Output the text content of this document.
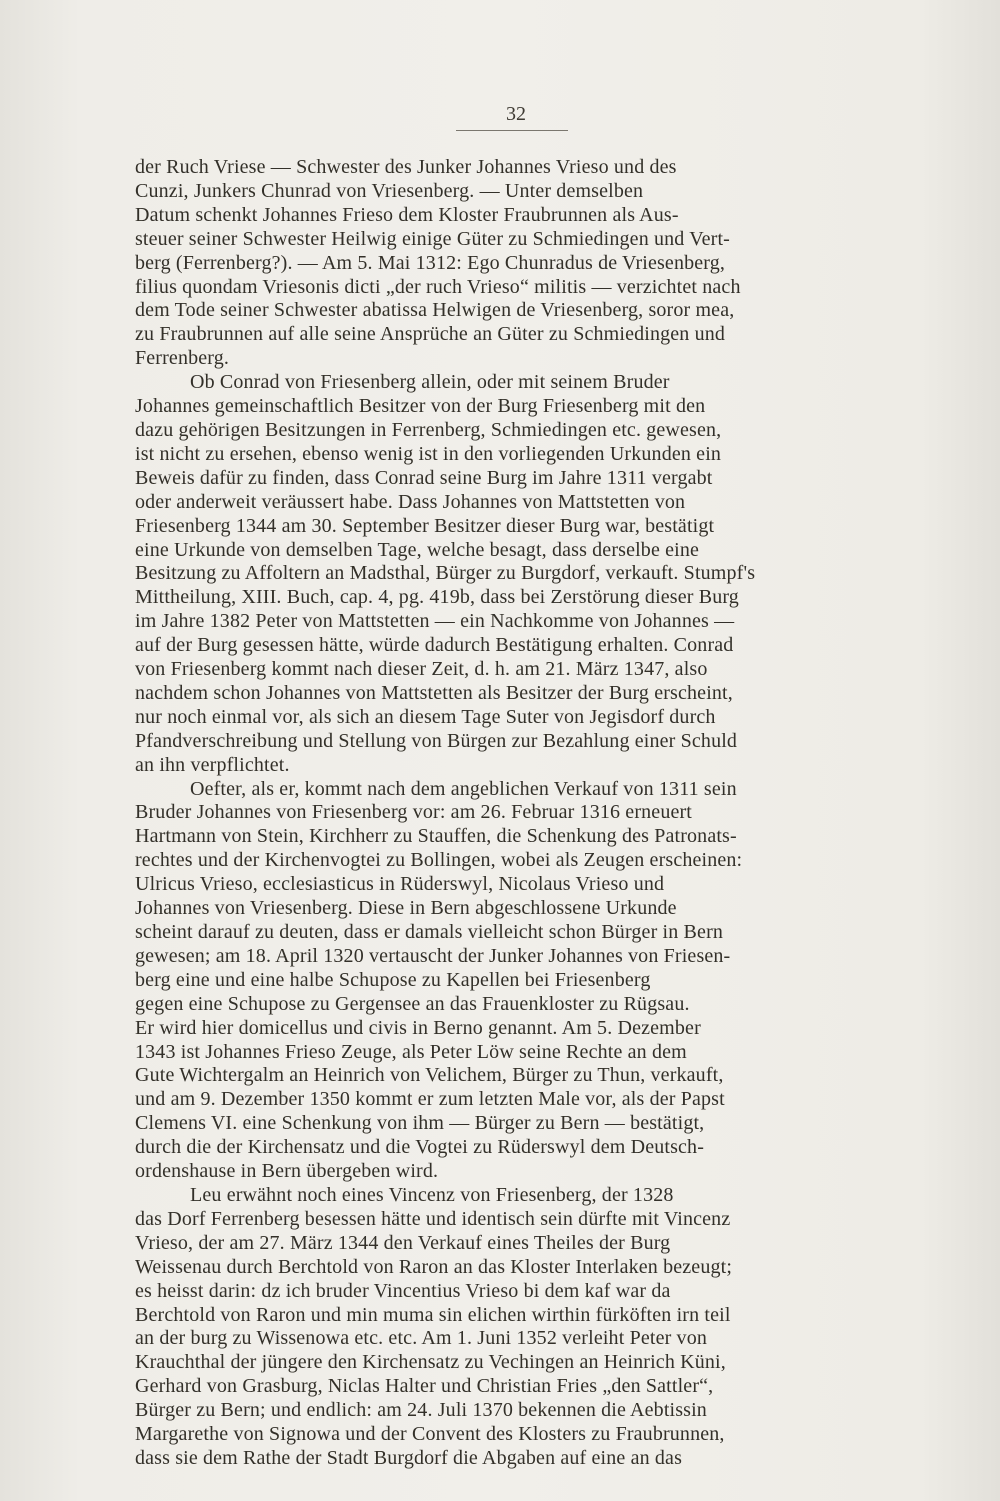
32

der Ruch Vriese — Schwester des Junker Johannes Vrieso und des
Cunzi, Junkers Chunrad von Vriesenberg. — Unter demselben
Datum schenkt Johannes Frieso dem Kloster Fraubrunnen als Aus-
steuer seiner Schwester Heilwig einige Güter zu Schmiedingen und Vert-
berg (Ferrenberg?). — Am 5. Mai 1312: Ego Chunradus de Vriesenberg,
filius quondam Vriesonis dicti „der ruch Vrieso“ militis — verzichtet nach
dem Tode seiner Schwester abatissa Helwigen de Vriesenberg, soror mea,
zu Fraubrunnen auf alle seine Ansprüche an Güter zu Schmiedingen und
Ferrenberg.

Ob Conrad von Friesenberg allein, oder mit seinem Bruder
Johannes gemeinschaftlich Besitzer von der Burg Friesenberg mit den
dazu gehörigen Besitzungen in Ferrenberg, Schmiedingen etc. gewesen,
ist nicht zu ersehen, ebenso wenig ist in den vorliegenden Urkunden ein
Beweis dafür zu finden, dass Conrad seine Burg im Jahre 1311 vergabt
oder anderweit veräussert habe. Dass Johannes von Mattstetten von
Friesenberg 1344 am 30. September Besitzer dieser Burg war, bestätigt
eine Urkunde von demselben Tage, welche besagt, dass derselbe eine
Besitzung zu Affoltern an Madsthal, Bürger zu Burgdorf, verkauft. Stumpf's
Mittheilung, XIII. Buch, cap. 4, pg. 419b, dass bei Zerstörung dieser Burg
im Jahre 1382 Peter von Mattstetten — ein Nachkomme von Johannes —
auf der Burg gesessen hätte, würde dadurch Bestätigung erhalten. Conrad
von Friesenberg kommt nach dieser Zeit, d. h. am 21. März 1347, also
nachdem schon Johannes von Mattstetten als Besitzer der Burg erscheint,
nur noch einmal vor, als sich an diesem Tage Suter von Jegisdorf durch
Pfandverschreibung und Stellung von Bürgen zur Bezahlung einer Schuld
an ihn verpflichtet.

Oefter, als er, kommt nach dem angeblichen Verkauf von 1311 sein
Bruder Johannes von Friesenberg vor: am 26. Februar 1316 erneuert
Hartmann von Stein, Kirchherr zu Stauffen, die Schenkung des Patronats-
rechtes und der Kirchenvogtei zu Bollingen, wobei als Zeugen erscheinen:
Ulricus Vrieso, ecclesiasticus in Rüderswyl, Nicolaus Vrieso und
Johannes von Vriesenberg. Diese in Bern abgeschlossene Urkunde
scheint darauf zu deuten, dass er damals vielleicht schon Bürger in Bern
gewesen; am 18. April 1320 vertauscht der Junker Johannes von Friesen-
berg eine und eine halbe Schupose zu Kapellen bei Friesenberg
gegen eine Schupose zu Gergensee an das Frauenkloster zu Rügsau.
Er wird hier domicellus und civis in Berno genannt. Am 5. Dezember
1343 ist Johannes Frieso Zeuge, als Peter Löw seine Rechte an dem
Gute Wichtergalm an Heinrich von Velichem, Bürger zu Thun, verkauft,
und am 9. Dezember 1350 kommt er zum letzten Male vor, als der Papst
Clemens VI. eine Schenkung von ihm — Bürger zu Bern — bestätigt,
durch die der Kirchensatz und die Vogtei zu Rüderswyl dem Deutsch-
ordenshause in Bern übergeben wird.

Leu erwähnt noch eines Vincenz von Friesenberg, der 1328
das Dorf Ferrenberg besessen hätte und identisch sein dürfte mit Vincenz
Vrieso, der am 27. März 1344 den Verkauf eines Theiles der Burg
Weissenau durch Berchtold von Raron an das Kloster Interlaken bezeugt;
es heisst darin: dz ich bruder Vincentius Vrieso bi dem kaf war da
Berchtold von Raron und min muma sin elichen wirthin fürköften irn teil
an der burg zu Wissenowa etc. etc. Am 1. Juni 1352 verleiht Peter von
Krauchthal der jüngere den Kirchensatz zu Vechingen an Heinrich Küni,
Gerhard von Grasburg, Niclas Halter und Christian Fries „den Sattler“,
Bürger zu Bern; und endlich: am 24. Juli 1370 bekennen die Aebtissin
Margarethe von Signowa und der Convent des Klosters zu Fraubrunnen,
dass sie dem Rathe der Stadt Burgdorf die Abgaben auf eine an das
